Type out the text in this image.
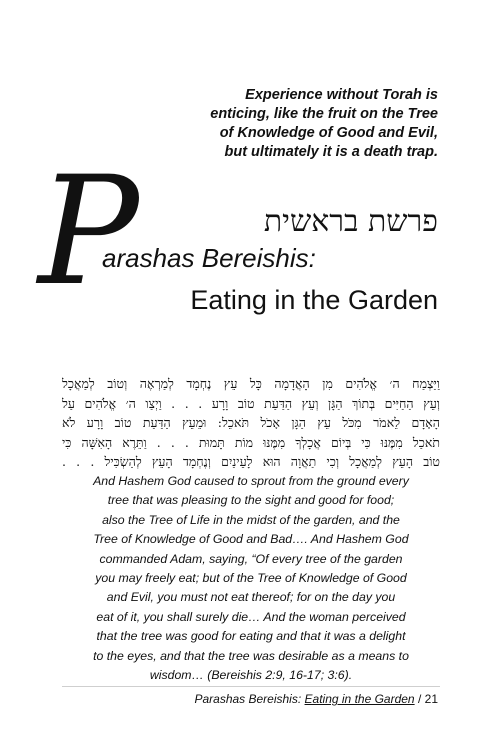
Experience without Torah is
enticing, like the fruit on the Tree
of Knowledge of Good and Evil,
but ultimately it is a death trap.
P	פרשת בראשית
arashas Bereishis:
Eating in the Garden
וַיַּצְמַח ה׳ אֱלֹהִים מִן הָאֲדָמָה כָּל עֵץ נֶחְמָד לְמַרְאֶה וְטוֹב לְמַאֲכָל
וְעֵץ הַחַיִּים בְּתוֹךְ הַגָּן וְעֵץ הַדַּעַת טוֹב וָרָע . . . וַיְצַו ה׳ אֱלֹהִים עַל
הָאָדָם לֵאמֹר מִכֹּל עֵץ הַגָּן אָכֹל תֹּאכֵל: וּמֵעֵץ הַדַּעַת טוֹב וָרָע לֹא
תֹאכַל מִמֶּנּוּ כִּי בְּיוֹם אֲכָלְךָ מִמֶּנּוּ מוֹת תָּמוּת . . . וַתֵּרֶא הָאִשָּׁה כִּי
טוֹב הָעֵץ לְמַאֲכָל וְכִי תַאֲוָה הוּא לָעֵינַיִם וְנֶחְמָד הָעֵץ לְהַשְׂכִּיל . . .
And Hashem God caused to sprout from the ground every
tree that was pleasing to the sight and good for food;
also the Tree of Life in the midst of the garden, and the
Tree of Knowledge of Good and Bad…. And Hashem God
commanded Adam, saying, “Of every tree of the garden
you may freely eat; but of the Tree of Knowledge of Good
and Evil, you must not eat thereof; for on the day you
eat of it, you shall surely die… And the woman perceived
that the tree was good for eating and that it was a delight
to the eyes, and that the tree was desirable as a means to
wisdom… (Bereishis 2:9, 16-17; 3:6).
Parashas Bereishis: Eating in the Garden / 21
